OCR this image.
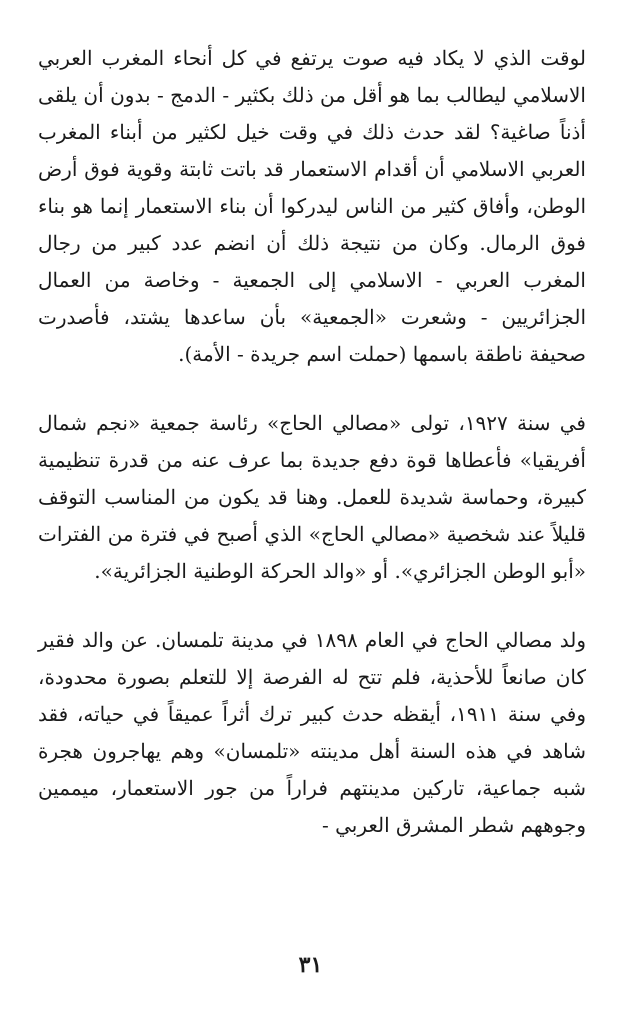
لوقت الذي لا يكاد فيه صوت يرتفع في كل أنحاء المغرب العربي الاسلامي ليطالب بما هو أقل من ذلك بكثير - الدمج - بدون أن يلقى أذناً صاغية؟ لقد حدث ذلك في وقت خيل لكثير من أبناء المغرب العربي الاسلامي أن أقدام الاستعمار قد باتت ثابتة وقوية فوق أرض الوطن، وأفاق كثير من الناس ليدركوا أن بناء الاستعمار إنما هو بناء فوق الرمال. وكان من نتيجة ذلك أن انضم عدد كبير من رجال المغرب العربي - الاسلامي إلى الجمعية - وخاصة من العمال الجزائريين - وشعرت «الجمعية» بأن ساعدها يشتد، فأصدرت صحيفة ناطقة باسمها (حملت اسم جريدة - الأمة).

في سنة ١٩٢٧، تولى «مصالي الحاج» رئاسة جمعية «نجم شمال أفريقيا» فأعطاها قوة دفع جديدة بما عرف عنه من قدرة تنظيمية كبيرة، وحماسة شديدة للعمل. وهنا قد يكون من المناسب التوقف قليلاً عند شخصية «مصالي الحاج» الذي أصبح في فترة من الفترات «أبو الوطن الجزائري». أو «والد الحركة الوطنية الجزائرية».

ولد مصالي الحاج في العام ١٨٩٨ في مدينة تلمسان. عن والد فقير كان صانعاً للأحذية، فلم تتح له الفرصة إلا للتعلم بصورة محدودة، وفي سنة ١٩١١، أيقظه حدث كبير ترك أثراً عميقاً في حياته، فقد شاهد في هذه السنة أهل مدينته «تلمسان» وهم يهاجرون هجرة شبه جماعية، تاركين مدينتهم فراراً من جور الاستعمار، ميممين وجوههم شطر المشرق العربي -

٣١
